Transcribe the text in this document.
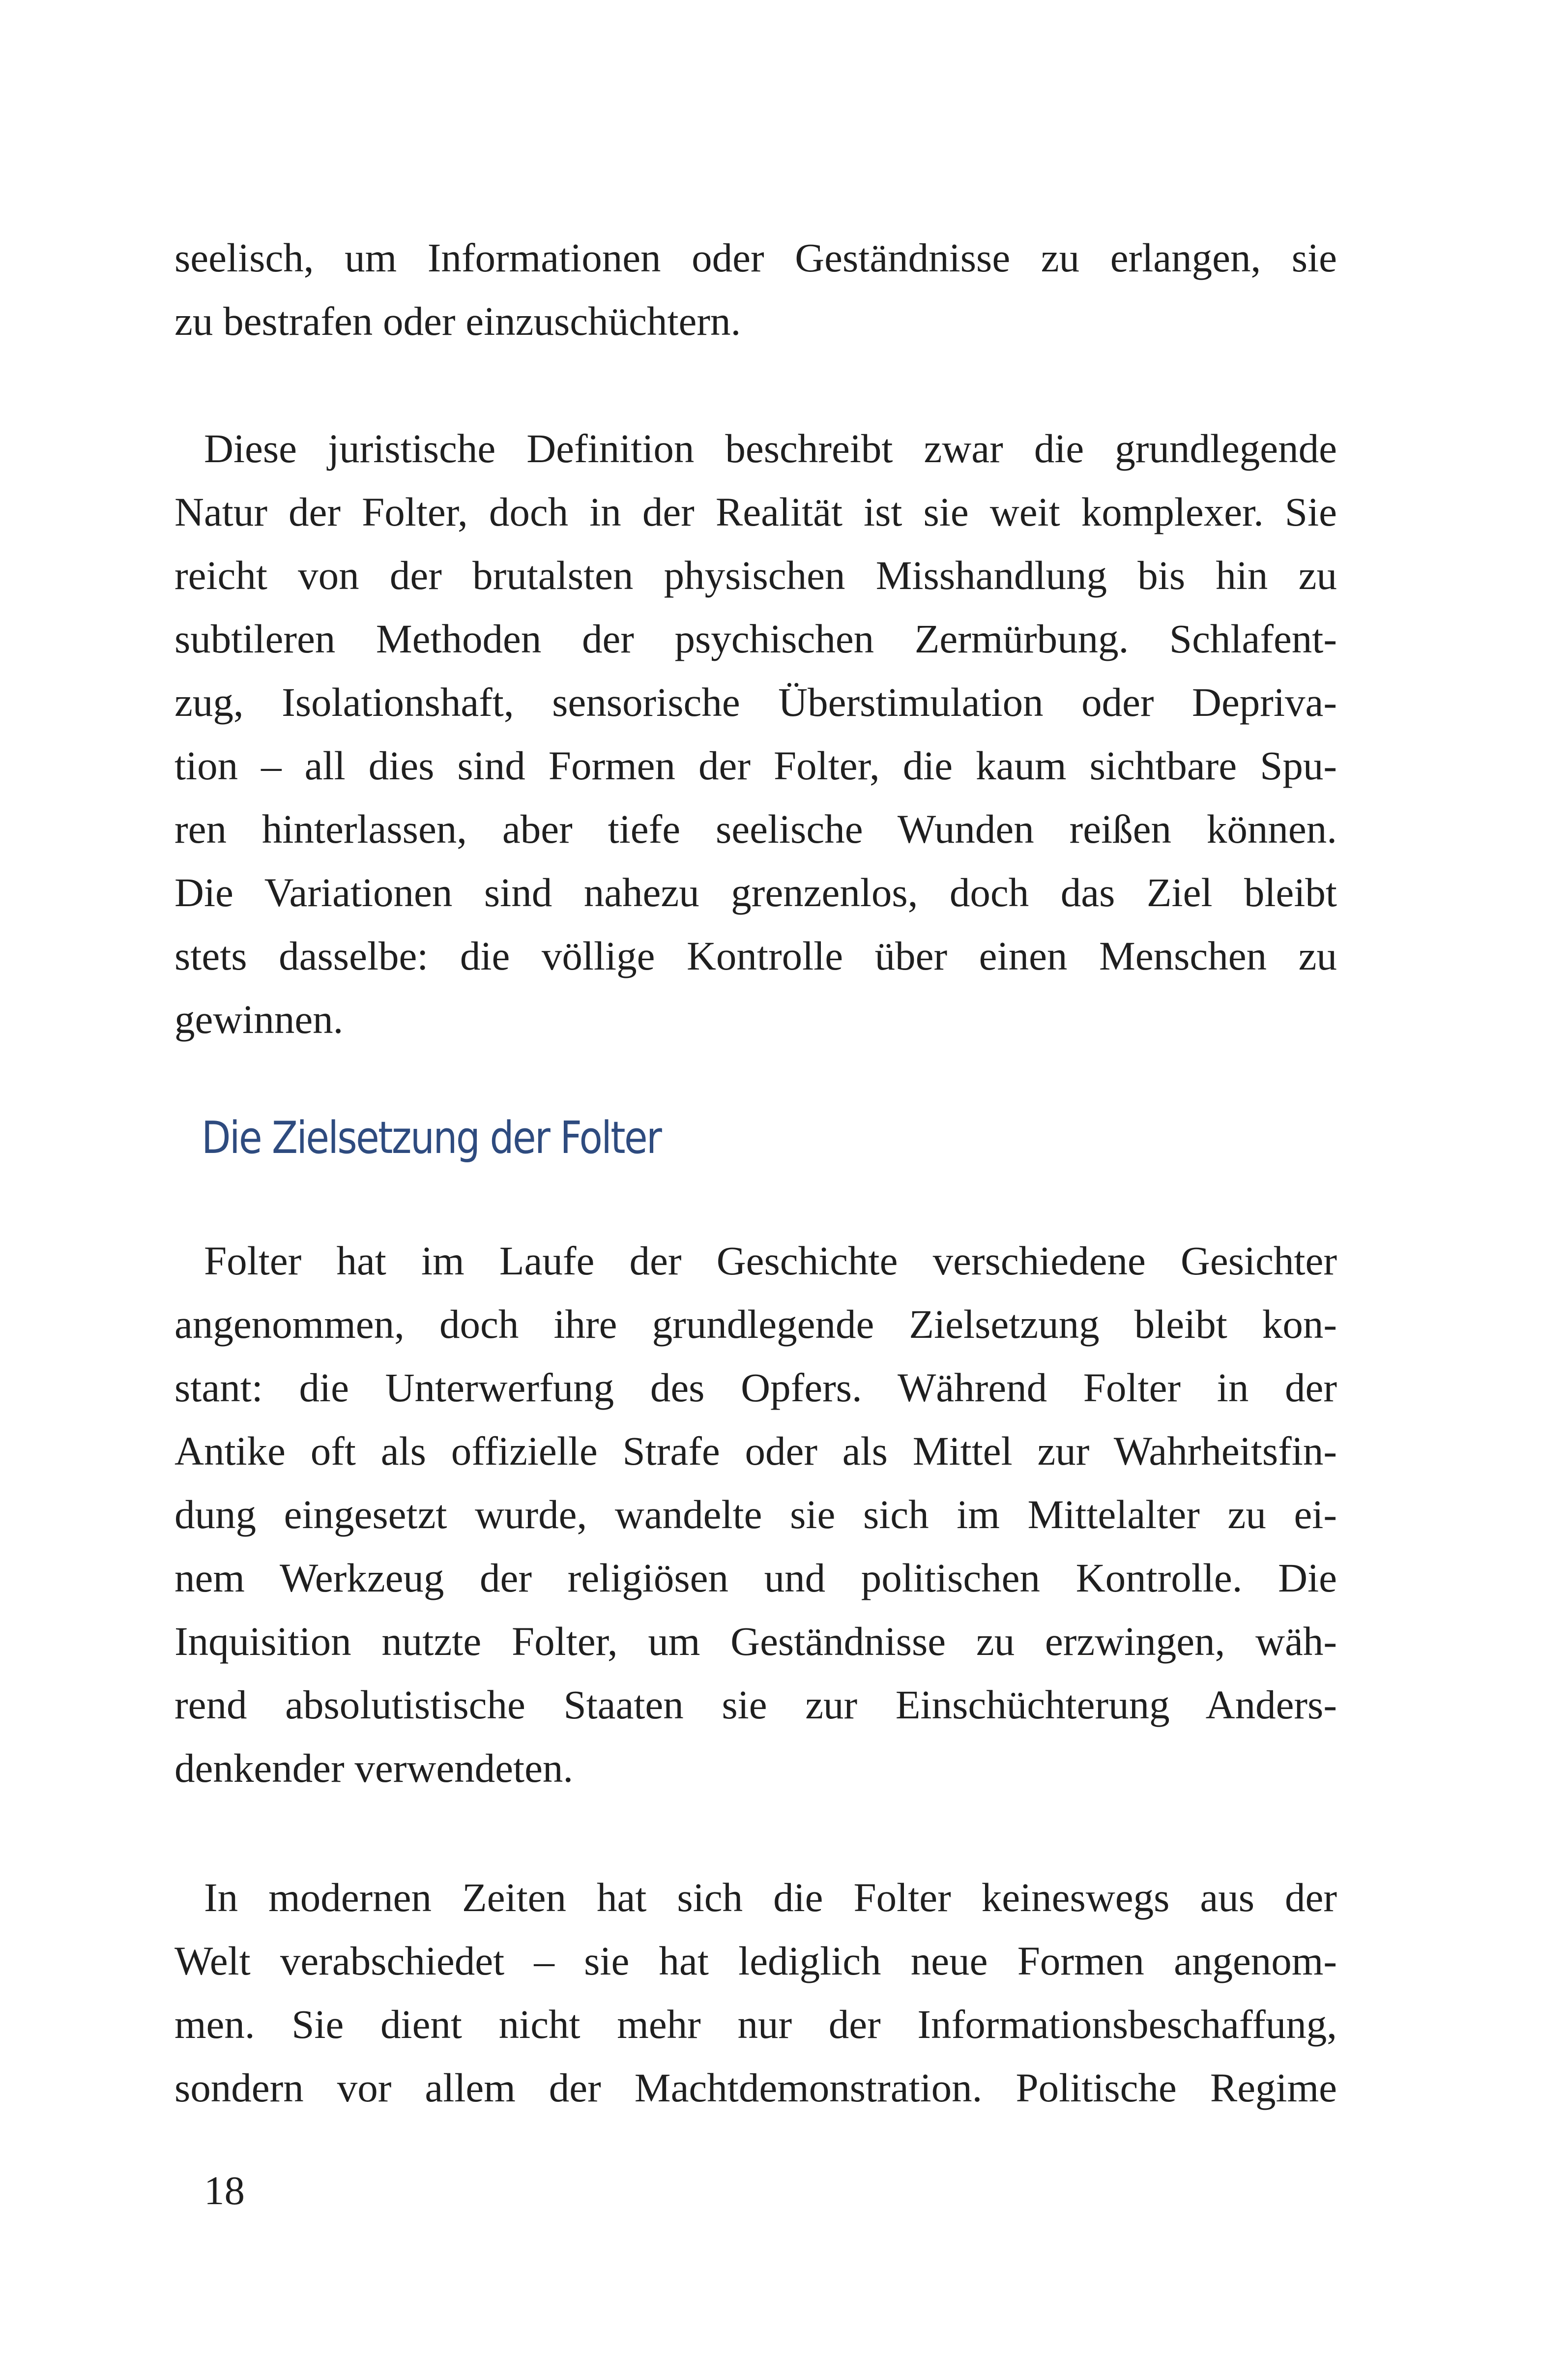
seelisch, um Informationen oder Geständnisse zu erlangen, sie
zu bestrafen oder einzuschüchtern.
Diese juristische Definition beschreibt zwar die grundlegende
Natur der Folter, doch in der Realität ist sie weit komplexer. Sie
reicht von der brutalsten physischen Misshandlung bis hin zu
subtileren Methoden der psychischen Zermürbung. Schlafent-
zug, Isolationshaft, sensorische Überstimulation oder Depriva-
tion – all dies sind Formen der Folter, die kaum sichtbare Spu-
ren hinterlassen, aber tiefe seelische Wunden reißen können.
Die Variationen sind nahezu grenzenlos, doch das Ziel bleibt
stets dasselbe: die völlige Kontrolle über einen Menschen zu
gewinnen.
Die Zielsetzung der Folter
Folter hat im Laufe der Geschichte verschiedene Gesichter
angenommen, doch ihre grundlegende Zielsetzung bleibt kon-
stant: die Unterwerfung des Opfers. Während Folter in der
Antike oft als offizielle Strafe oder als Mittel zur Wahrheitsfin-
dung eingesetzt wurde, wandelte sie sich im Mittelalter zu ei-
nem Werkzeug der religiösen und politischen Kontrolle. Die
Inquisition nutzte Folter, um Geständnisse zu erzwingen, wäh-
rend absolutistische Staaten sie zur Einschüchterung Anders-
denkender verwendeten.
In modernen Zeiten hat sich die Folter keineswegs aus der
Welt verabschiedet – sie hat lediglich neue Formen angenom-
men. Sie dient nicht mehr nur der Informationsbeschaffung,
sondern vor allem der Machtdemonstration. Politische Regime
18
